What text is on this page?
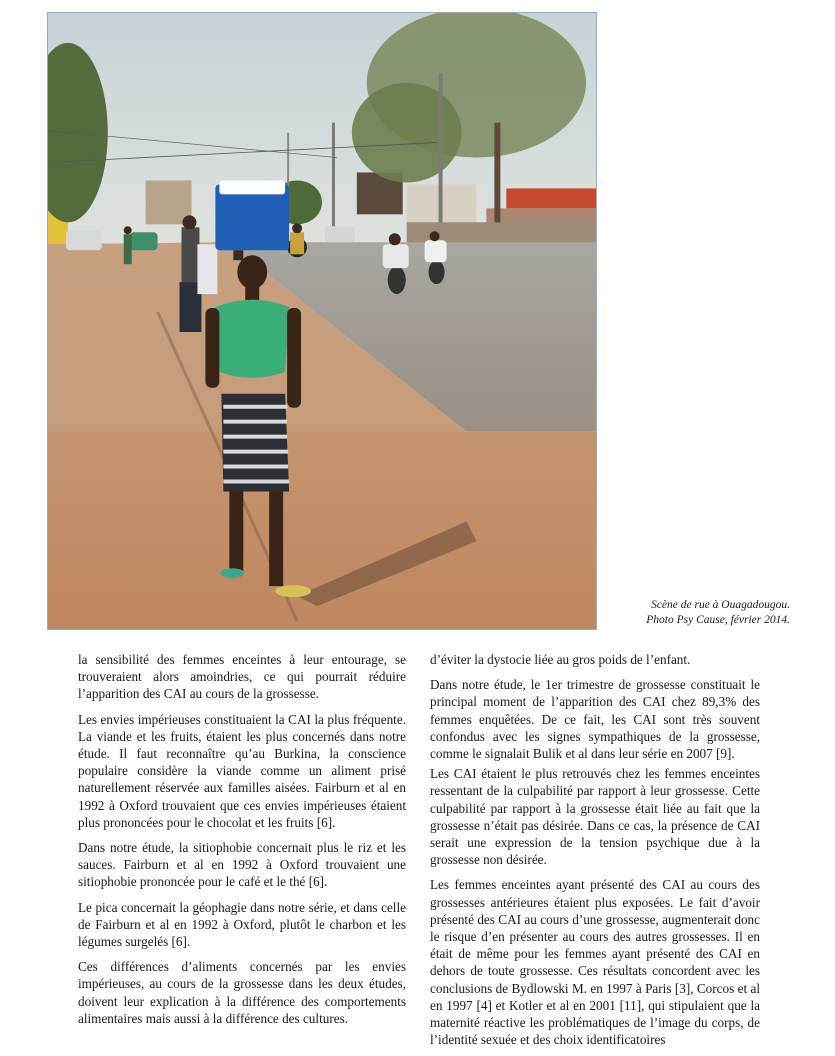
Scène de rue à Ouagadougou.
Photo Psy Cause, février 2014.

la sensibilité des femmes enceintes à leur entourage, se trouveraient alors amoindries, ce qui pourrait réduire l’apparition des CAI au cours de la grossesse.

Les envies impérieuses constituaient la CAI la plus fréquente. La viande et les fruits, étaient les plus concernés dans notre étude. Il faut reconnaître qu’au Burkina, la conscience populaire considère la viande comme un aliment prisé naturellement réservée aux familles aisées. Fairburn et al en 1992 à Oxford trouvaient que ces envies impérieuses étaient plus prononcées pour le chocolat et les fruits [6].

Dans notre étude, la sitiophobie concernait plus le riz et les sauces. Fairburn et al en 1992 à Oxford trouvaient une sitiophobie prononcée pour le café et le thé [6].

Le pica concernait la géophagie dans notre série, et dans celle de Fairburn et al en 1992 à Oxford, plutôt le charbon et les légumes surgelés [6].

Ces différences d’aliments concernés par les envies impérieuses, au cours de la grossesse dans les deux études, doivent leur explication à la différence des comportements alimentaires mais aussi à la différence des cultures.

d’éviter la dystocie liée au gros poids de l’enfant.

Dans notre étude, le 1er trimestre de grossesse constituait le principal moment de l’apparition des CAI chez 89,3% des femmes enquêtées. De ce fait, les CAI sont très souvent confondus avec les signes sympathiques de la grossesse, comme le signalait Bulik et al dans leur série en 2007 [9].

Les CAI étaient le plus retrouvés chez les femmes enceintes ressentant de la culpabilité par rapport à leur grossesse. Cette culpabilité par rapport à la grossesse était liée au fait que la grossesse n’était pas désirée. Dans ce cas, la présence de CAI serait une expression de la tension psychique due à la grossesse non désirée.

Les femmes enceintes ayant présenté des CAI au cours des grossesses antérieures étaient plus exposées. Le fait d’avoir présenté des CAI au cours d’une grossesse, augmenterait donc le risque d’en présenter au cours des autres grossesses. Il en était de même pour les femmes ayant présenté des CAI en dehors de toute grossesse. Ces résultats concordent avec les conclusions de Bydlowski M. en 1997 à Paris [3], Corcos et al en 1997 [4] et Kotler et al en 2001 [11], qui stipulaient que la maternité réactive les problématiques de l’image du corps, de l’identité sexuée et des choix identificatoires
